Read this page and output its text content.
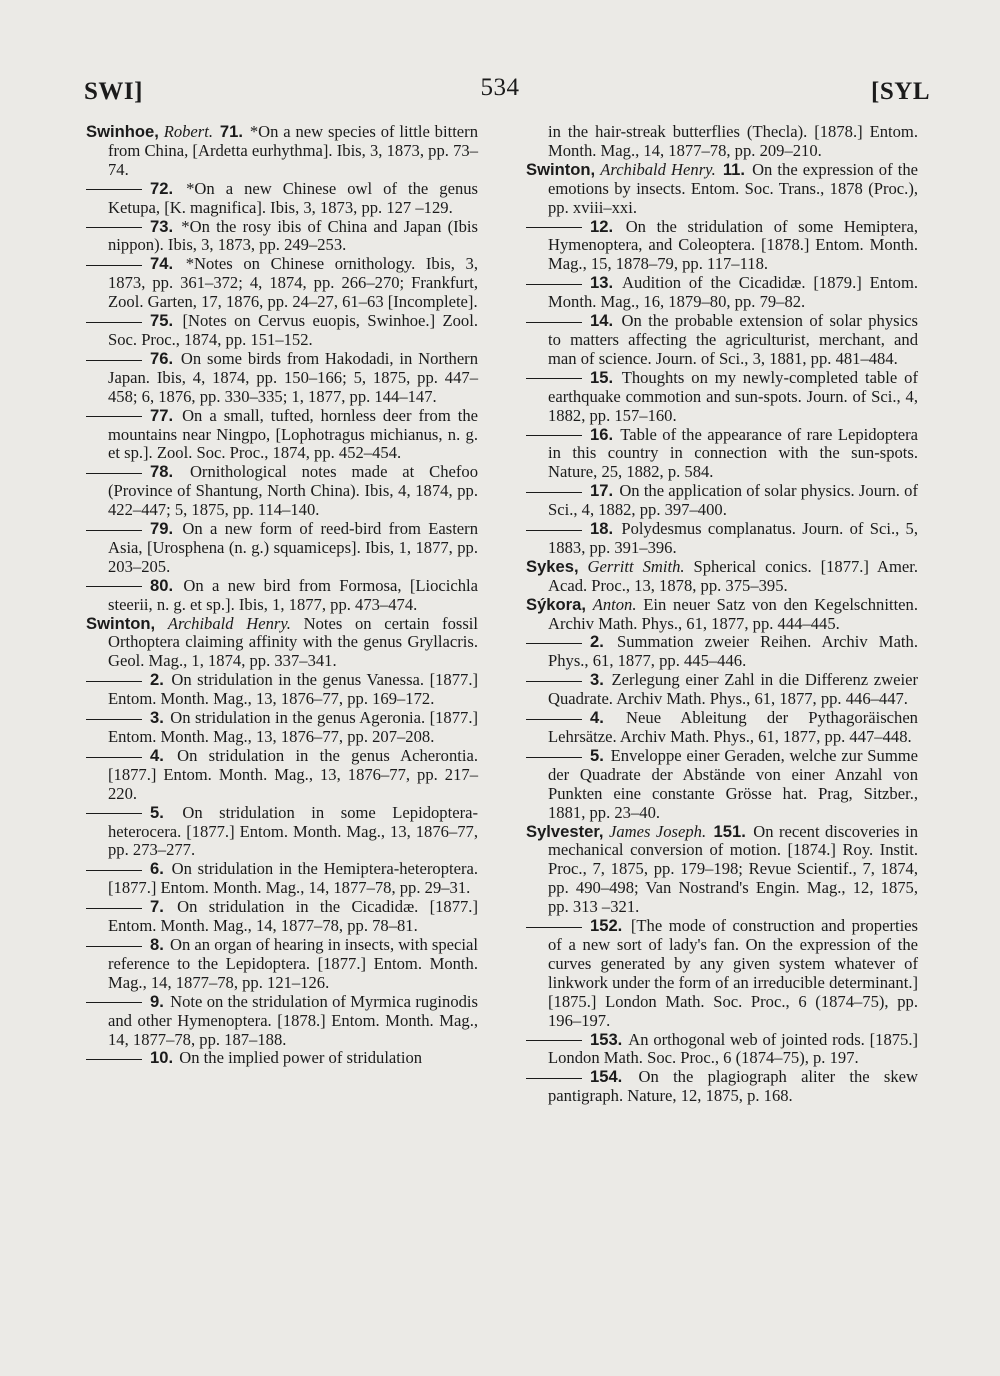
SWI]	534	[SYL

Swinhoe, Robert. 71. *On a new species of little bittern from China, [Ardetta eurhythma]. Ibis, 3, 1873, pp. 73–74.

72. *On a new Chinese owl of the genus Ketupa, [K. magnifica]. Ibis, 3, 1873, pp. 127 –129.

73. *On the rosy ibis of China and Japan (Ibis nippon). Ibis, 3, 1873, pp. 249–253.

74. *Notes on Chinese ornithology. Ibis, 3, 1873, pp. 361–372; 4, 1874, pp. 266–270; Frankfurt, Zool. Garten, 17, 1876, pp. 24–27, 61–63 [Incomplete].

75. [Notes on Cervus euopis, Swinhoe.] Zool. Soc. Proc., 1874, pp. 151–152.

76. On some birds from Hakodadi, in Northern Japan. Ibis, 4, 1874, pp. 150–166; 5, 1875, pp. 447–458; 6, 1876, pp. 330–335; 1, 1877, pp. 144–147.

77. On a small, tufted, hornless deer from the mountains near Ningpo, [Lophotragus michianus, n. g. et sp.]. Zool. Soc. Proc., 1874, pp. 452–454.

78. Ornithological notes made at Chefoo (Province of Shantung, North China). Ibis, 4, 1874, pp. 422–447; 5, 1875, pp. 114–140.

79. On a new form of reed-bird from Eastern Asia, [Urosphena (n. g.) squamiceps]. Ibis, 1, 1877, pp. 203–205.

80. On a new bird from Formosa, [Liocichla steerii, n. g. et sp.]. Ibis, 1, 1877, pp. 473–474.

Swinton, Archibald Henry. Notes on certain fossil Orthoptera claiming affinity with the genus Gryllacris. Geol. Mag., 1, 1874, pp. 337–341.

2. On stridulation in the genus Vanessa. [1877.] Entom. Month. Mag., 13, 1876–77, pp. 169–172.

3. On stridulation in the genus Ageronia. [1877.] Entom. Month. Mag., 13, 1876–77, pp. 207–208.

4. On stridulation in the genus Acherontia. [1877.] Entom. Month. Mag., 13, 1876–77, pp. 217–220.

5. On stridulation in some Lepidoptera-heterocera. [1877.] Entom. Month. Mag., 13, 1876–77, pp. 273–277.

6. On stridulation in the Hemiptera-heteroptera. [1877.] Entom. Month. Mag., 14, 1877–78, pp. 29–31.

7. On stridulation in the Cicadidæ. [1877.] Entom. Month. Mag., 14, 1877–78, pp. 78–81.

8. On an organ of hearing in insects, with special reference to the Lepidoptera. [1877.] Entom. Month. Mag., 14, 1877–78, pp. 121–126.

9. Note on the stridulation of Myrmica ruginodis and other Hymenoptera. [1878.] Entom. Month. Mag., 14, 1877–78, pp. 187–188.

10. On the implied power of stridulation

in the hair-streak butterflies (Thecla). [1878.] Entom. Month. Mag., 14, 1877–78, pp. 209–210.

Swinton, Archibald Henry. 11. On the expression of the emotions by insects. Entom. Soc. Trans., 1878 (Proc.), pp. xviii–xxi.

12. On the stridulation of some Hemiptera, Hymenoptera, and Coleoptera. [1878.] Entom. Month. Mag., 15, 1878–79, pp. 117–118.

13. Audition of the Cicadidæ. [1879.] Entom. Month. Mag., 16, 1879–80, pp. 79–82.

14. On the probable extension of solar physics to matters affecting the agriculturist, merchant, and man of science. Journ. of Sci., 3, 1881, pp. 481–484.

15. Thoughts on my newly-completed table of earthquake commotion and sun-spots. Journ. of Sci., 4, 1882, pp. 157–160.

16. Table of the appearance of rare Lepidoptera in this country in connection with the sun-spots. Nature, 25, 1882, p. 584.

17. On the application of solar physics. Journ. of Sci., 4, 1882, pp. 397–400.

18. Polydesmus complanatus. Journ. of Sci., 5, 1883, pp. 391–396.

Sykes, Gerritt Smith. Spherical conics. [1877.] Amer. Acad. Proc., 13, 1878, pp. 375–395.

Sýkora, Anton. Ein neuer Satz von den Kegelschnitten. Archiv Math. Phys., 61, 1877, pp. 444–445.

2. Summation zweier Reihen. Archiv Math. Phys., 61, 1877, pp. 445–446.

3. Zerlegung einer Zahl in die Differenz zweier Quadrate. Archiv Math. Phys., 61, 1877, pp. 446–447.

4. Neue Ableitung der Pythagoräischen Lehrsätze. Archiv Math. Phys., 61, 1877, pp. 447–448.

5. Enveloppe einer Geraden, welche zur Summe der Quadrate der Abstände von einer Anzahl von Punkten eine constante Grösse hat. Prag, Sitzber., 1881, pp. 23–40.

Sylvester, James Joseph. 151. On recent discoveries in mechanical conversion of motion. [1874.] Roy. Instit. Proc., 7, 1875, pp. 179–198; Revue Scientif., 7, 1874, pp. 490–498; Van Nostrand's Engin. Mag., 12, 1875, pp. 313 –321.

152. [The mode of construction and properties of a new sort of lady's fan. On the expression of the curves generated by any given system whatever of linkwork under the form of an irreducible determinant.] [1875.] London Math. Soc. Proc., 6 (1874–75), pp. 196–197.

153. An orthogonal web of jointed rods. [1875.] London Math. Soc. Proc., 6 (1874–75), p. 197.

154. On the plagiograph aliter the skew pantigraph. Nature, 12, 1875, p. 168.
